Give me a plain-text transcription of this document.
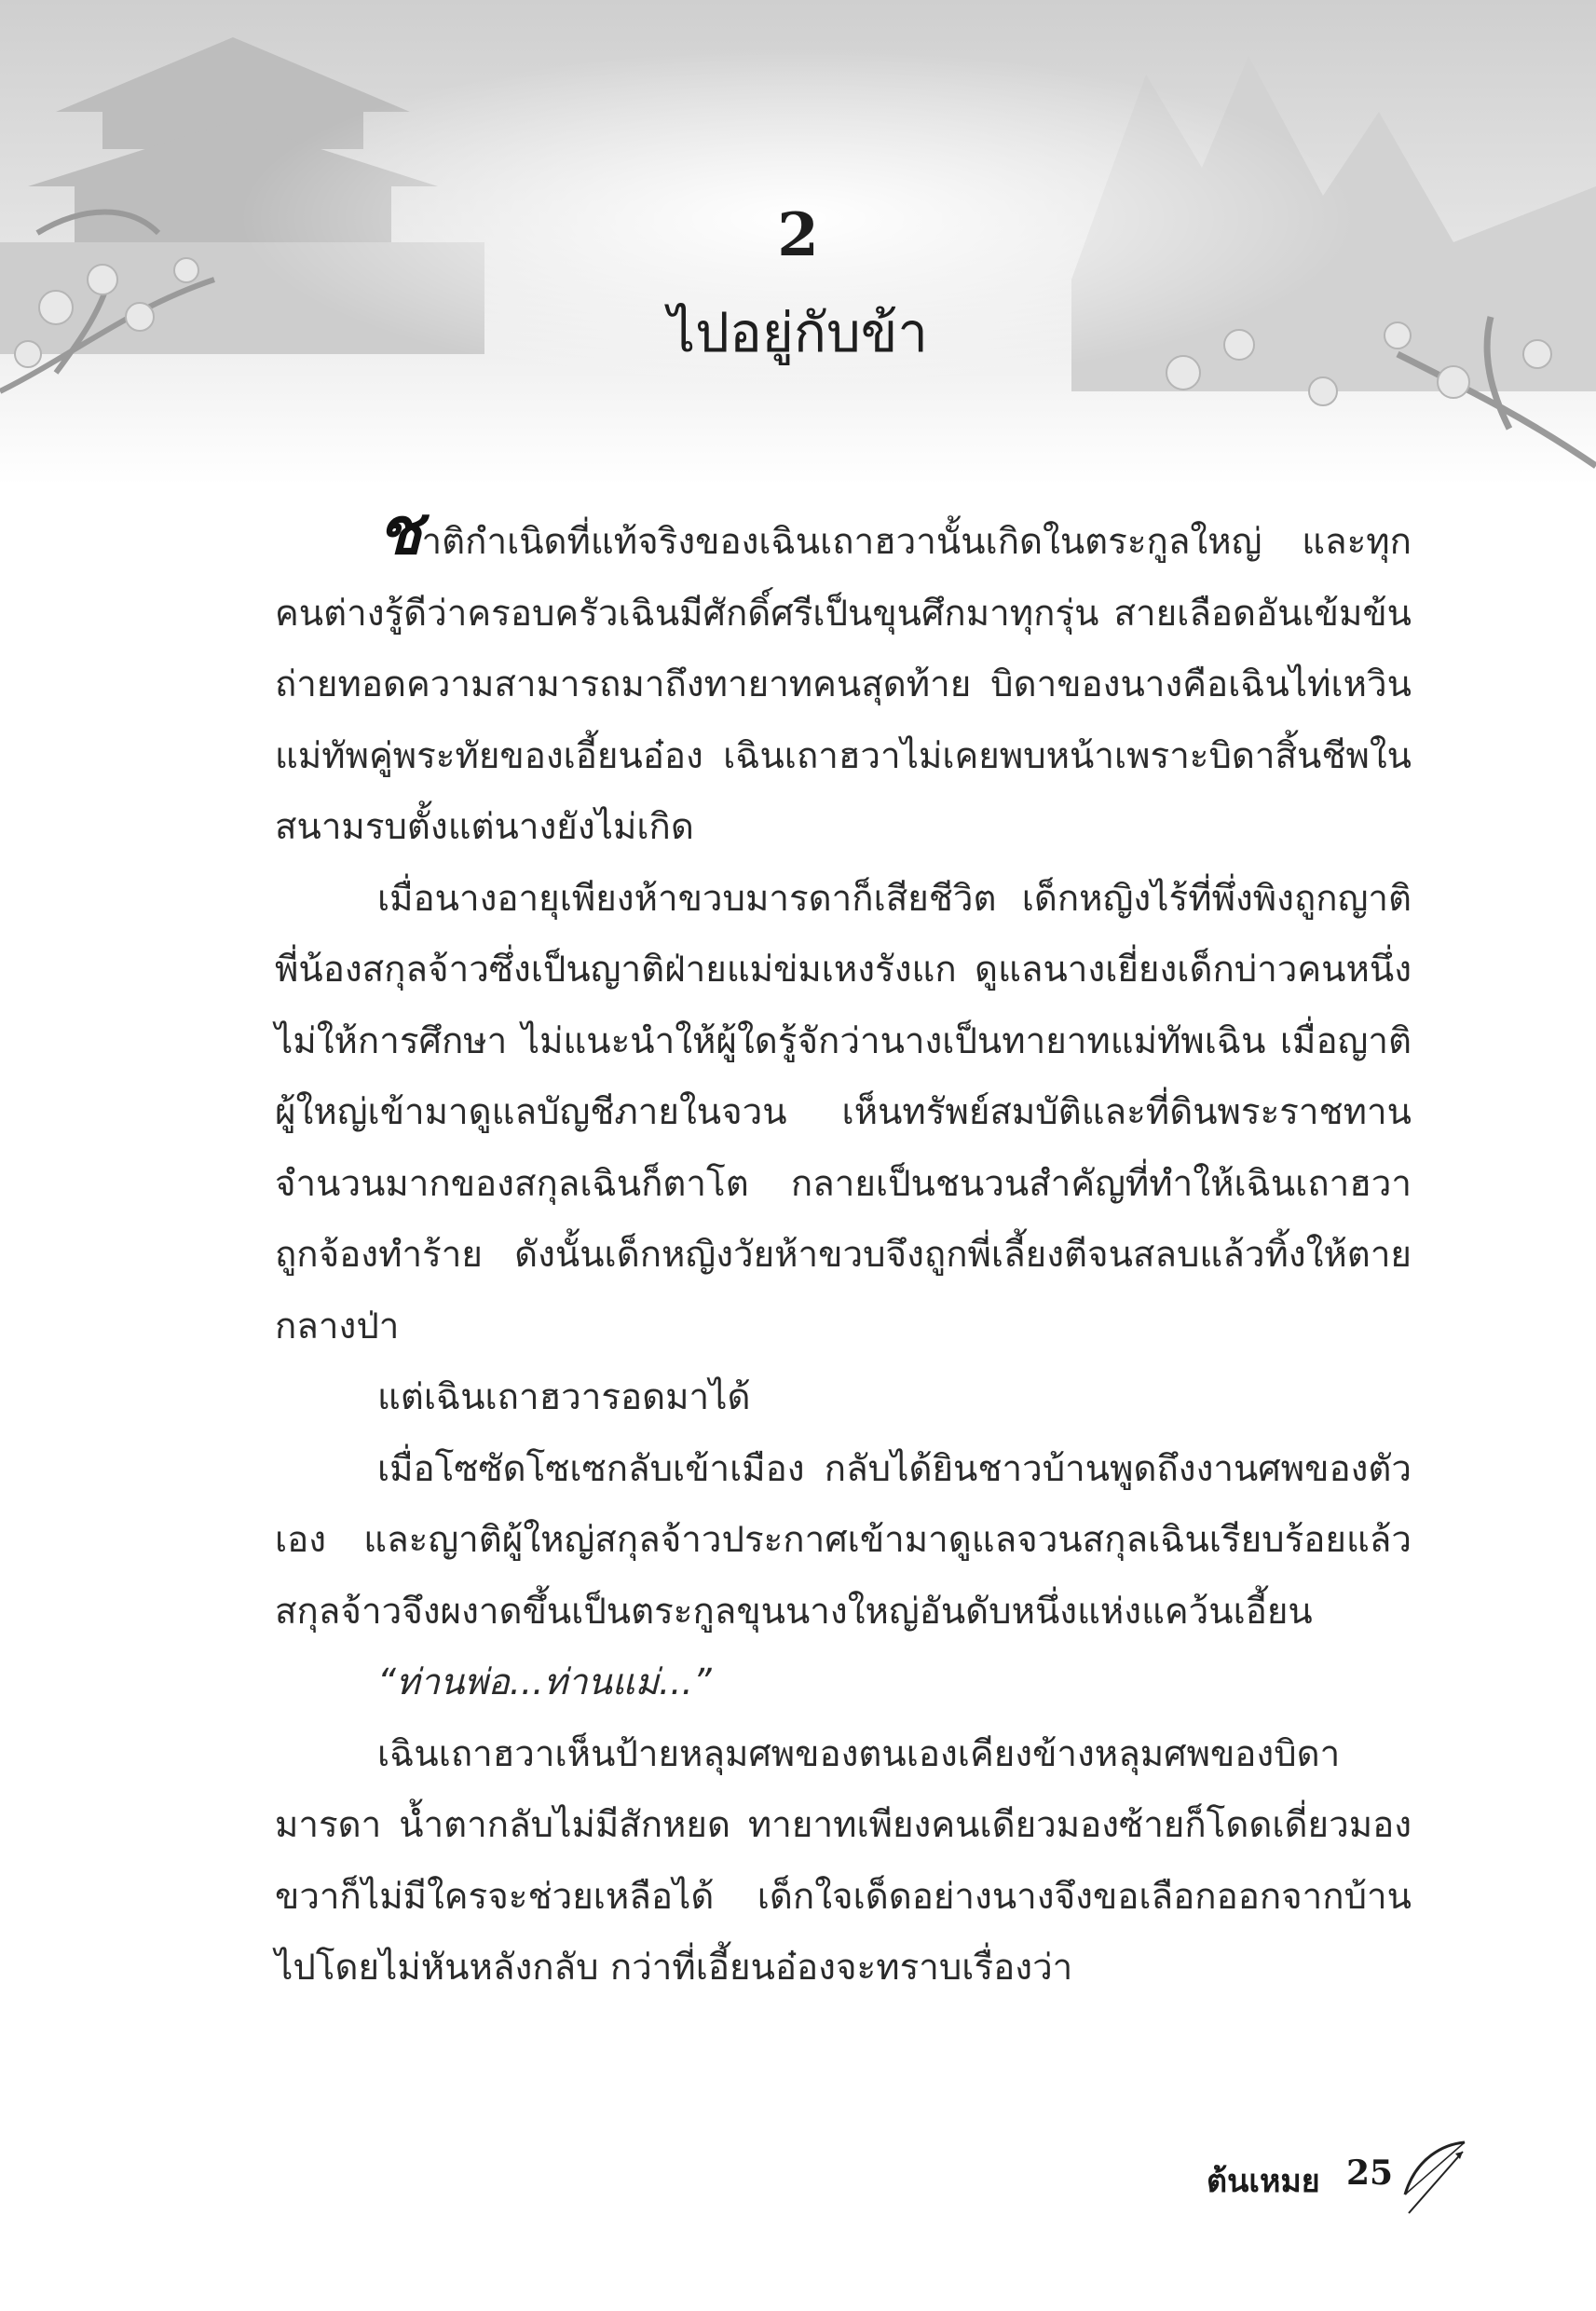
2
ไปอยู่กับข้า

ชาติกำเนิดที่แท้จริงของเฉินเถาฮวานั้นเกิดในตระกูลใหญ่ และทุกคนต่างรู้ดีว่าครอบครัวเฉินมีศักดิ์ศรีเป็นขุนศึกมาทุกรุ่น สายเลือดอันเข้มข้นถ่ายทอดความสามารถมาถึงทายาทคนสุดท้าย บิดาของนางคือเฉินไท่เหวิน แม่ทัพคู่พระทัยของเอี้ยนอ๋อง เฉินเถาฮวาไม่เคยพบหน้าเพราะบิดาสิ้นชีพในสนามรบตั้งแต่นางยังไม่เกิด

เมื่อนางอายุเพียงห้าขวบมารดาก็เสียชีวิต เด็กหญิงไร้ที่พึ่งพิงถูกญาติพี่น้องสกุลจ้าวซึ่งเป็นญาติฝ่ายแม่ข่มเหงรังแก ดูแลนางเยี่ยงเด็กบ่าวคนหนึ่ง ไม่ให้การศึกษา ไม่แนะนำให้ผู้ใดรู้จักว่านางเป็นทายาทแม่ทัพเฉิน เมื่อญาติผู้ใหญ่เข้ามาดูแลบัญชีภายในจวน เห็นทรัพย์สมบัติและที่ดินพระราชทานจำนวนมากของสกุลเฉินก็ตาโต กลายเป็นชนวนสำคัญที่ทำให้เฉินเถาฮวาถูกจ้องทำร้าย ดังนั้นเด็กหญิงวัยห้าขวบจึงถูกพี่เลี้ยงตีจนสลบแล้วทิ้งให้ตายกลางป่า

แต่เฉินเถาฮวารอดมาได้

เมื่อโซซัดโซเซกลับเข้าเมือง กลับได้ยินชาวบ้านพูดถึงงานศพของตัวเอง และญาติผู้ใหญ่สกุลจ้าวประกาศเข้ามาดูแลจวนสกุลเฉินเรียบร้อยแล้ว สกุลจ้าวจึงผงาดขึ้นเป็นตระกูลขุนนางใหญ่อันดับหนึ่งแห่งแคว้นเอี้ยน

“ท่านพ่อ...ท่านแม่...”

เฉินเถาฮวาเห็นป้ายหลุมศพของตนเองเคียงข้างหลุมศพของบิดามารดา น้ำตากลับไม่มีสักหยด ทายาทเพียงคนเดียวมองซ้ายก็โดดเดี่ยวมองขวาก็ไม่มีใครจะช่วยเหลือได้ เด็กใจเด็ดอย่างนางจึงขอเลือกออกจากบ้านไปโดยไม่หันหลังกลับ กว่าที่เอี้ยนอ๋องจะทราบเรื่องว่า

ต้นเหมย 25
